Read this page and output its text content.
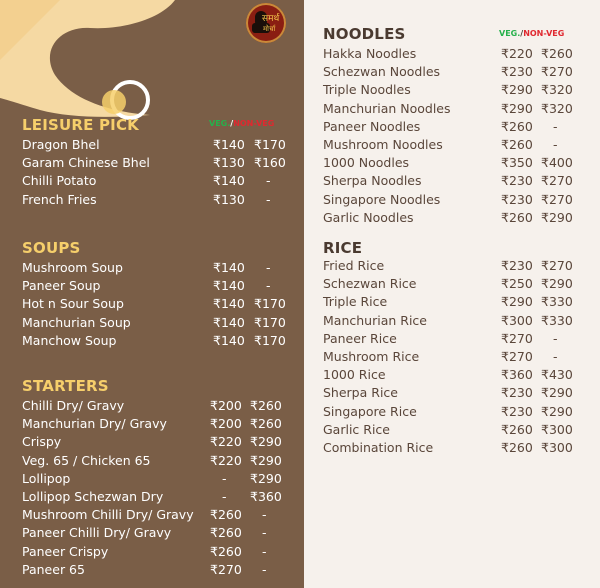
समर्थ
मोर्चा
LEISURE PICK	VEG./NON-VEG
Dragon Bhel	₹140 ₹170
Garam Chinese Bhel	₹130 ₹160
Chilli Potato	₹140 -
French Fries	₹130 -
SOUPS
Mushroom Soup	₹140 -
Paneer Soup	₹140 -
Hot n Sour Soup	₹140 ₹170
Manchurian Soup	₹140 ₹170
Manchow Soup	₹140 ₹170
STARTERS
Chilli Dry/ Gravy	₹200 ₹260
Manchurian Dry/ Gravy	₹200 ₹260
Crispy	₹220 ₹290
Veg. 65 / Chicken 65	₹220 ₹290
Lollipop	- ₹290
Lollipop Schezwan Dry	- ₹360
Mushroom Chilli Dry/ Gravy ₹260 -
Paneer Chilli Dry/ Gravy	₹260 -
Paneer Crispy	₹260 -
Paneer 65	₹270 -
NOODLES	VEG./NON-VEG
Hakka Noodles	₹220 ₹260
Schezwan Noodles	₹230 ₹270
Triple Noodles	₹290 ₹320
Manchurian Noodles	₹290 ₹320
Paneer Noodles	₹260 -
Mushroom Noodles	₹260 -
1000 Noodles	₹350 ₹400
Sherpa Noodles	₹230 ₹270
Singapore Noodles	₹230 ₹270
Garlic Noodles	₹260 ₹290
RICE
Fried Rice	₹230 ₹270
Schezwan Rice	₹250 ₹290
Triple Rice	₹290 ₹330
Manchurian Rice	₹300 ₹330
Paneer Rice	₹270 -
Mushroom Rice	₹270 -
1000 Rice	₹360 ₹430
Sherpa Rice	₹230 ₹290
Singapore Rice	₹230 ₹290
Garlic Rice	₹260 ₹300
Combination Rice	₹260 ₹300
